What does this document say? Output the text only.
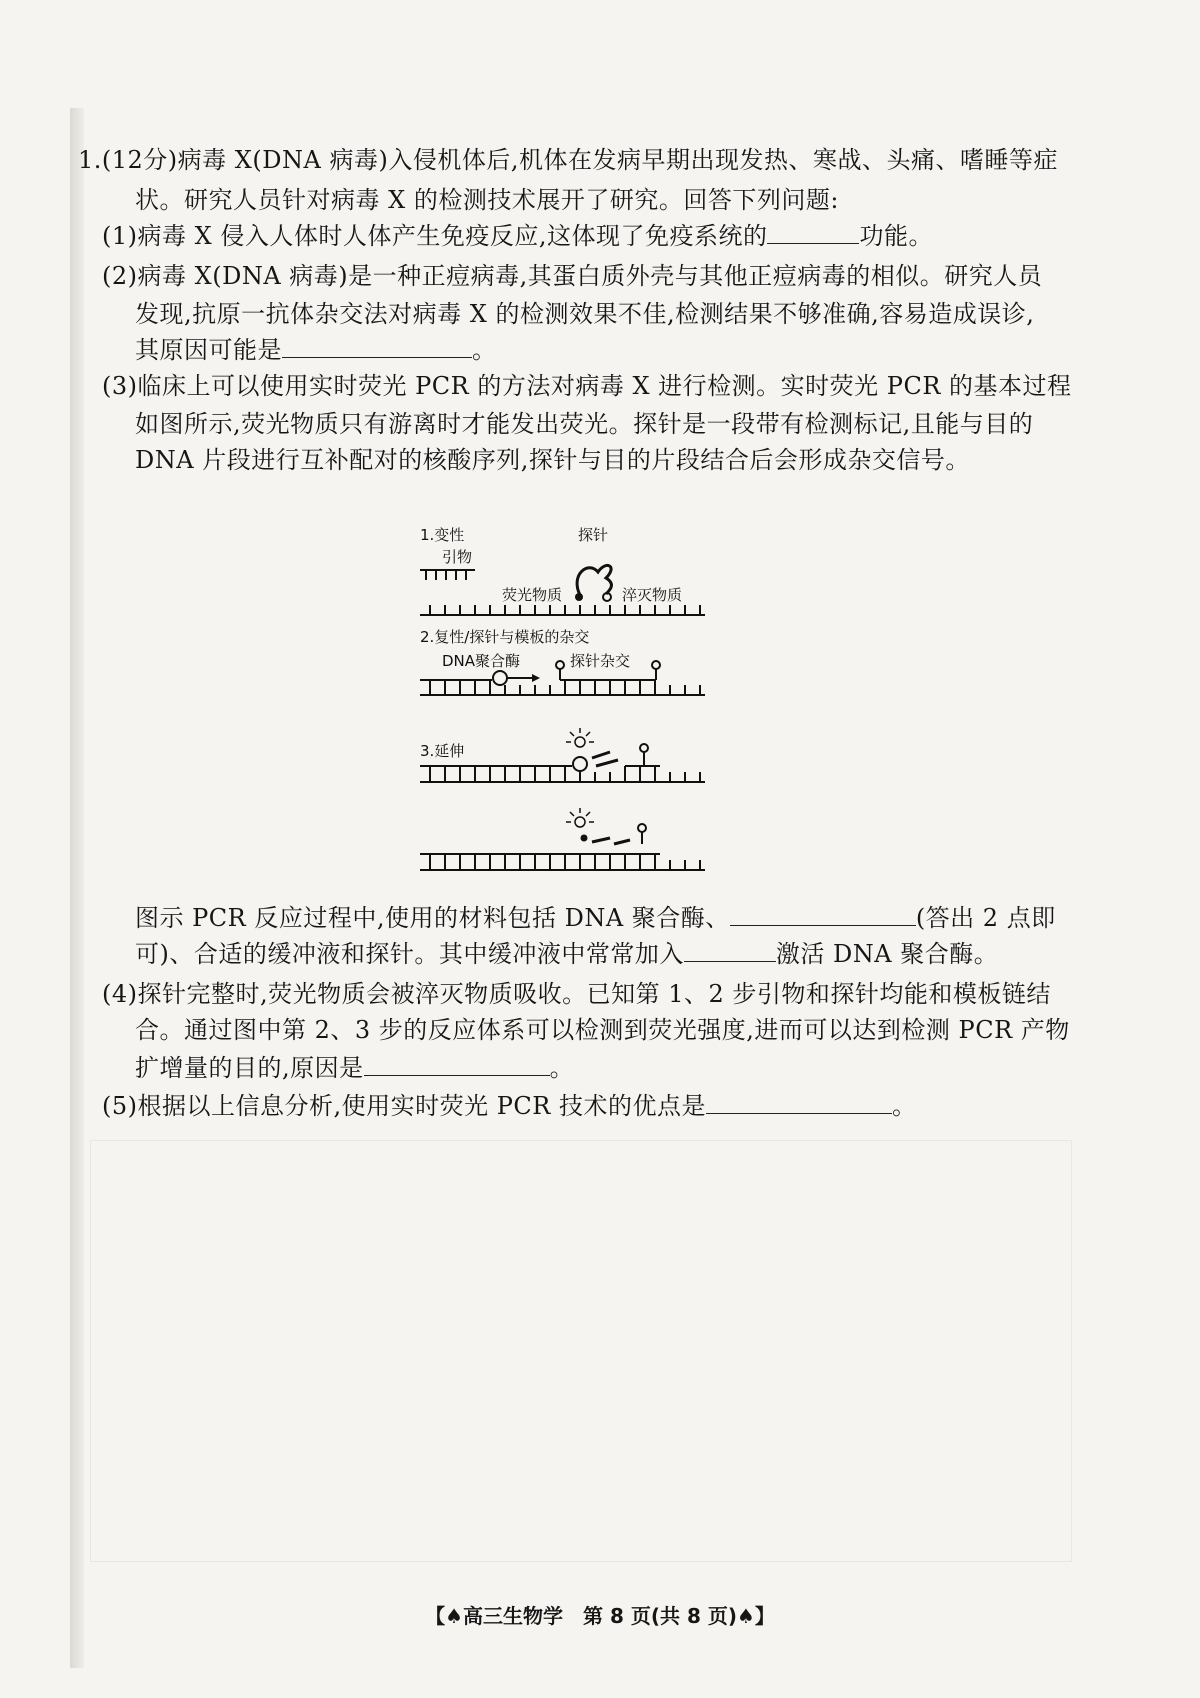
1.(12分)病毒 X(DNA 病毒)入侵机体后,机体在发病早期出现发热、寒战、头痛、嗜睡等症
状。研究人员针对病毒 X 的检测技术展开了研究。回答下列问题:
(1)病毒 X 侵入人体时人体产生免疫反应,这体现了免疫系统的	功能。
(2)病毒 X(DNA 病毒)是一种正痘病毒,其蛋白质外壳与其他正痘病毒的相似。研究人员
发现,抗原一抗体杂交法对病毒 X 的检测效果不佳,检测结果不够准确,容易造成误诊,
其原因可能是	。
(3)临床上可以使用实时荧光 PCR 的方法对病毒 X 进行检测。实时荧光 PCR 的基本过程
如图所示,荧光物质只有游离时才能发出荧光。探针是一段带有检测标记,且能与目的
DNA 片段进行互补配对的核酸序列,探针与目的片段结合后会形成杂交信号。
1.变性
引物
探针
荧光物质	淬灭物质
2.复性/探针与模板的杂交
DNA聚合酶	探针杂交
3.延伸
图示 PCR 反应过程中,使用的材料包括 DNA 聚合酶、	(答出 2 点即
可)、合适的缓冲液和探针。其中缓冲液中常常加入	激活 DNA 聚合酶。
(4)探针完整时,荧光物质会被淬灭物质吸收。已知第 1、2 步引物和探针均能和模板链结
合。通过图中第 2、3 步的反应体系可以检测到荧光强度,进而可以达到检测 PCR 产物
扩增量的目的,原因是	。
(5)根据以上信息分析,使用实时荧光 PCR 技术的优点是	。
【♠高三生物学　第 8 页(共 8 页)♠】
